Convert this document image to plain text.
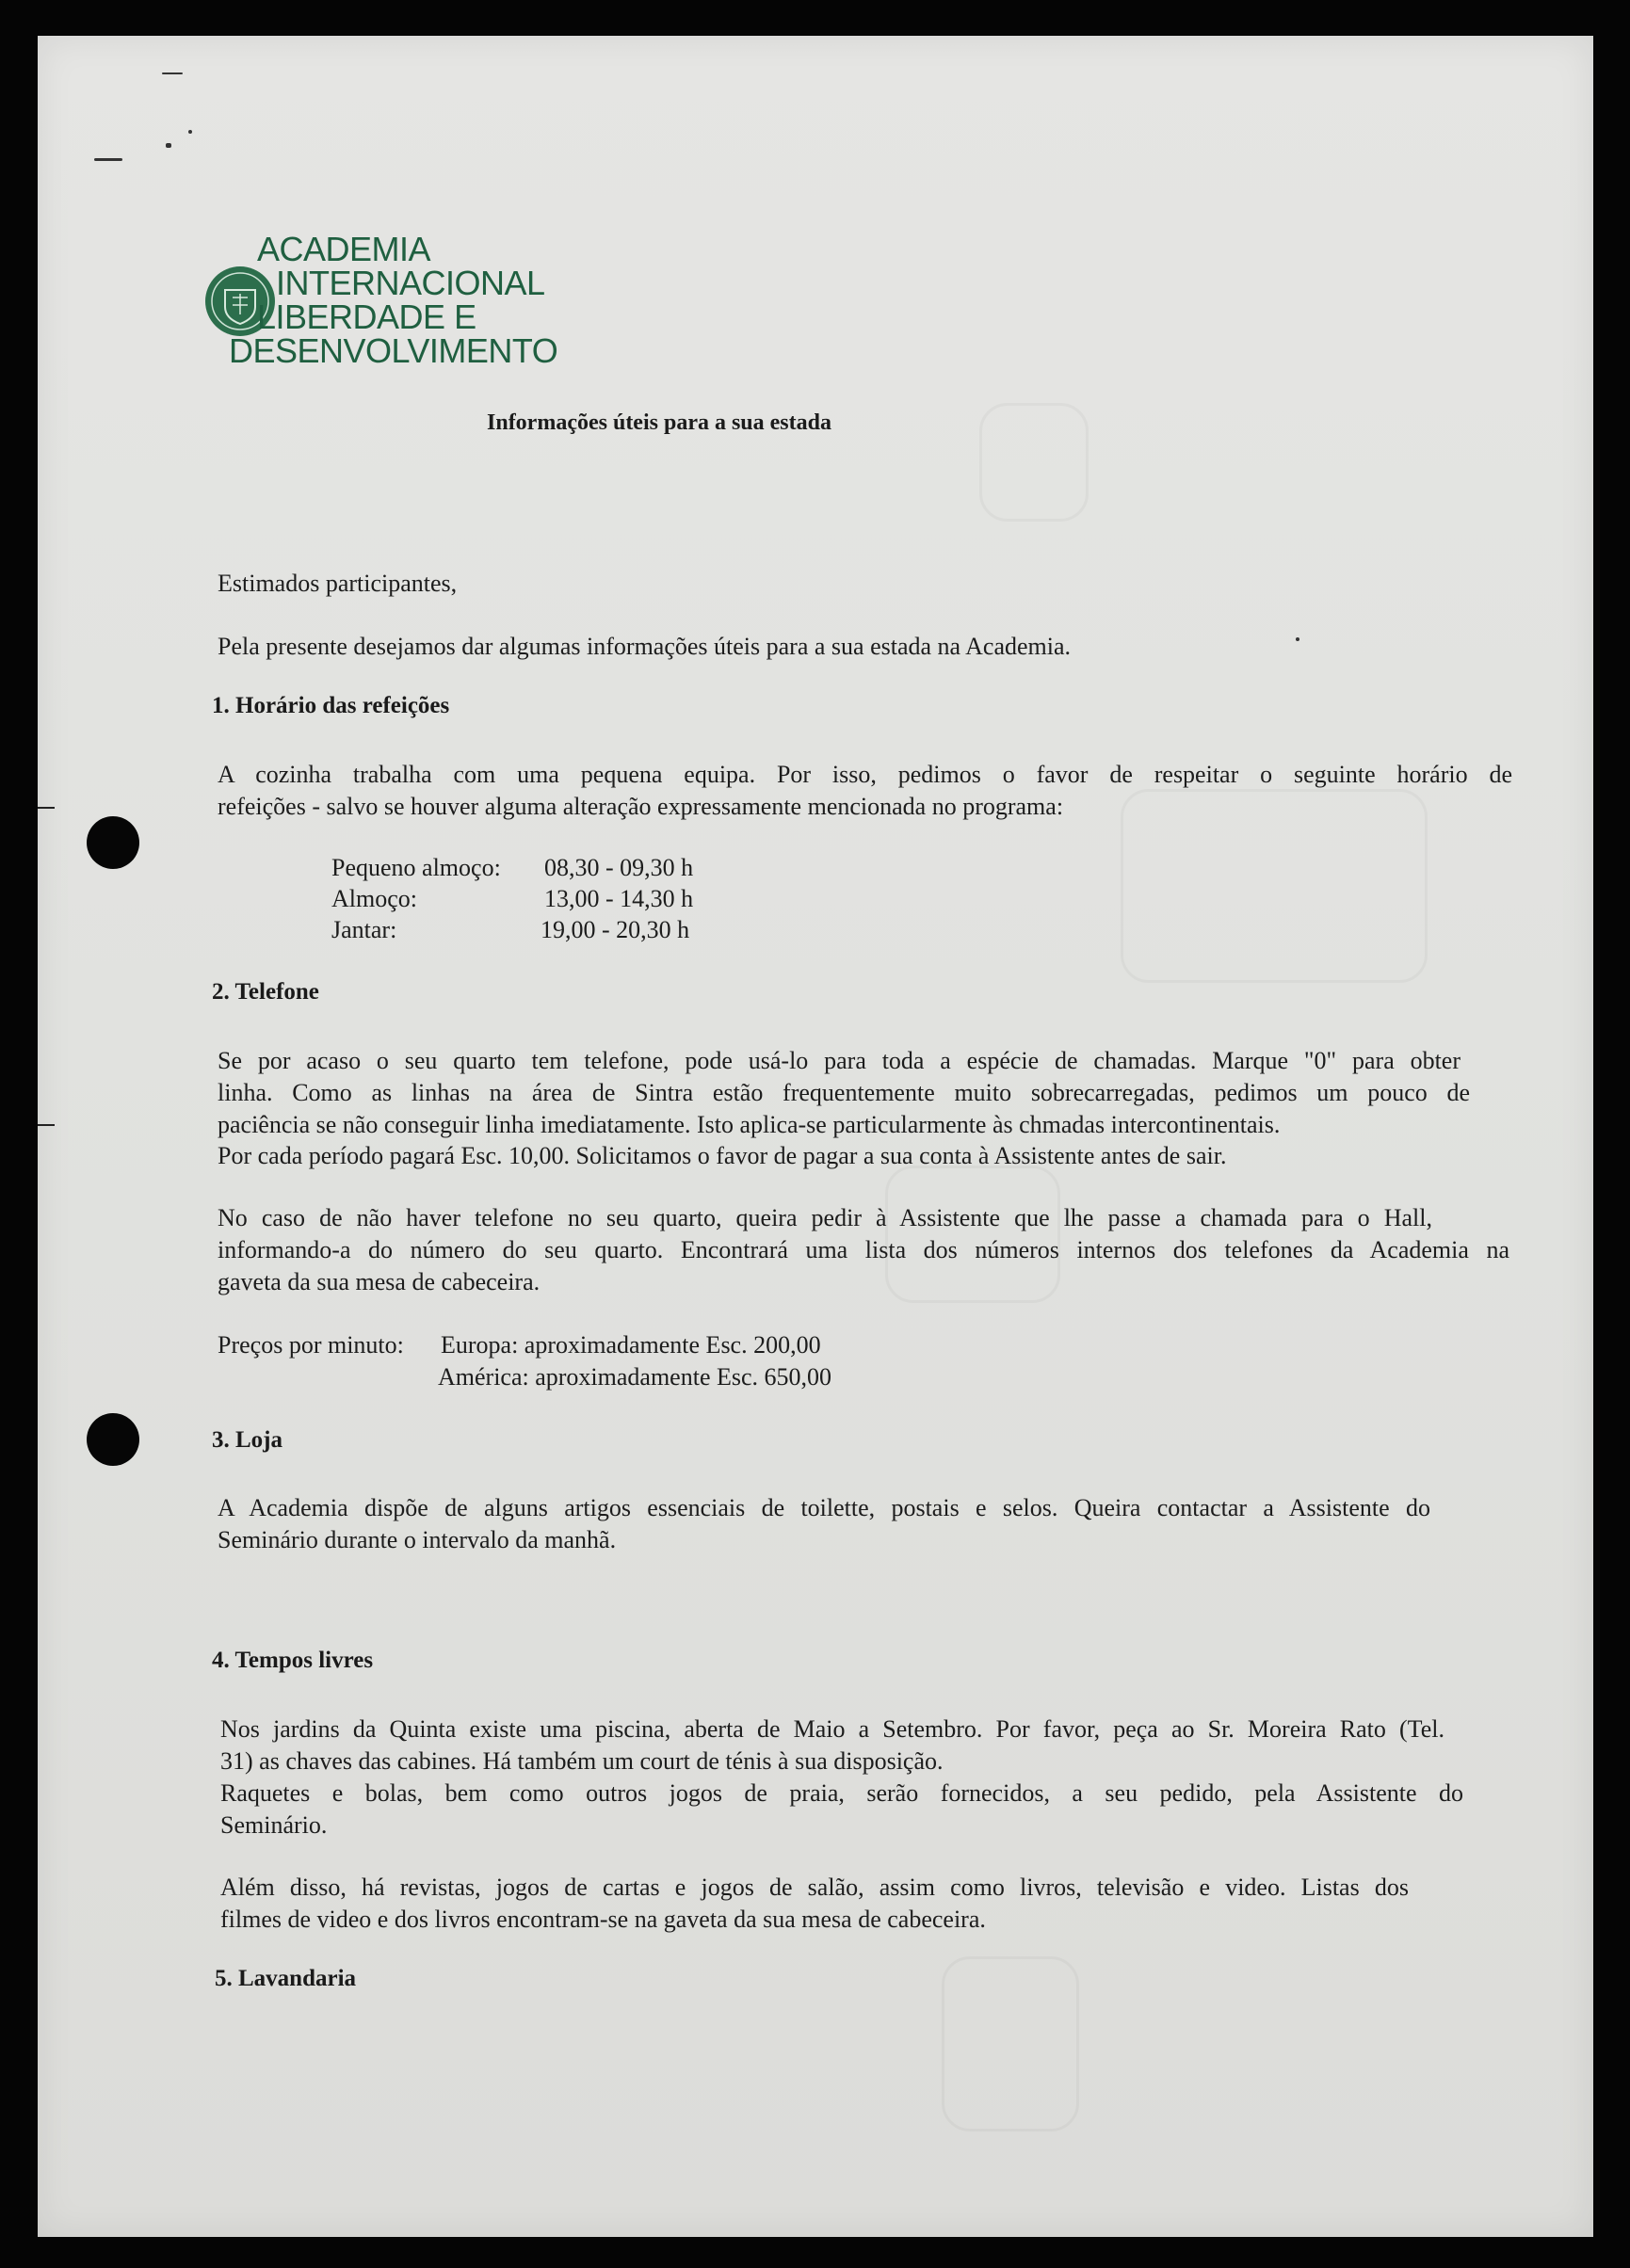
ACADEMIA
INTERNACIONAL
LIBERDADE E
DESENVOLVIMENTO
Informações úteis para a sua estada
Estimados participantes,
Pela presente desejamos dar algumas informações úteis para a sua estada na Academia.
1. Horário das refeições
A cozinha trabalha com uma pequena equipa. Por isso, pedimos o favor de respeitar o seguinte horário de
refeições - salvo se houver alguma alteração expressamente mencionada no programa:
Pequeno almoço: 08,30 - 09,30 h
Almoço:	13,00 - 14,30 h
Jantar:	19,00 - 20,30 h
2. Telefone
Se por acaso o seu quarto tem telefone, pode usá-lo para toda a espécie de chamadas. Marque "0" para obter
linha. Como as linhas na área de Sintra estão frequentemente muito sobrecarregadas, pedimos um pouco de
paciência se não conseguir linha imediatamente. Isto aplica-se particularmente às chmadas intercontinentais.
Por cada período pagará Esc. 10,00. Solicitamos o favor de pagar a sua conta à Assistente antes de sair.
No caso de não haver telefone no seu quarto, queira pedir à Assistente que lhe passe a chamada para o Hall,
informando-a do número do seu quarto. Encontrará uma lista dos números internos dos telefones da Academia na
gaveta da sua mesa de cabeceira.
Preços por minuto: Europa: aproximadamente Esc. 200,00
América: aproximadamente Esc. 650,00
3. Loja
A Academia dispõe de alguns artigos essenciais de toilette, postais e selos. Queira contactar a Assistente do
Seminário durante o intervalo da manhã.
4. Tempos livres
Nos jardins da Quinta existe uma piscina, aberta de Maio a Setembro. Por favor, peça ao Sr. Moreira Rato (Tel.
31) as chaves das cabines. Há também um court de ténis à sua disposição.
Raquetes e bolas, bem como outros jogos de praia, serão fornecidos, a seu pedido, pela Assistente do
Seminário.
Além disso, há revistas, jogos de cartas e jogos de salão, assim como livros, televisão e video. Listas dos
filmes de video e dos livros encontram-se na gaveta da sua mesa de cabeceira.
5. Lavandaria
